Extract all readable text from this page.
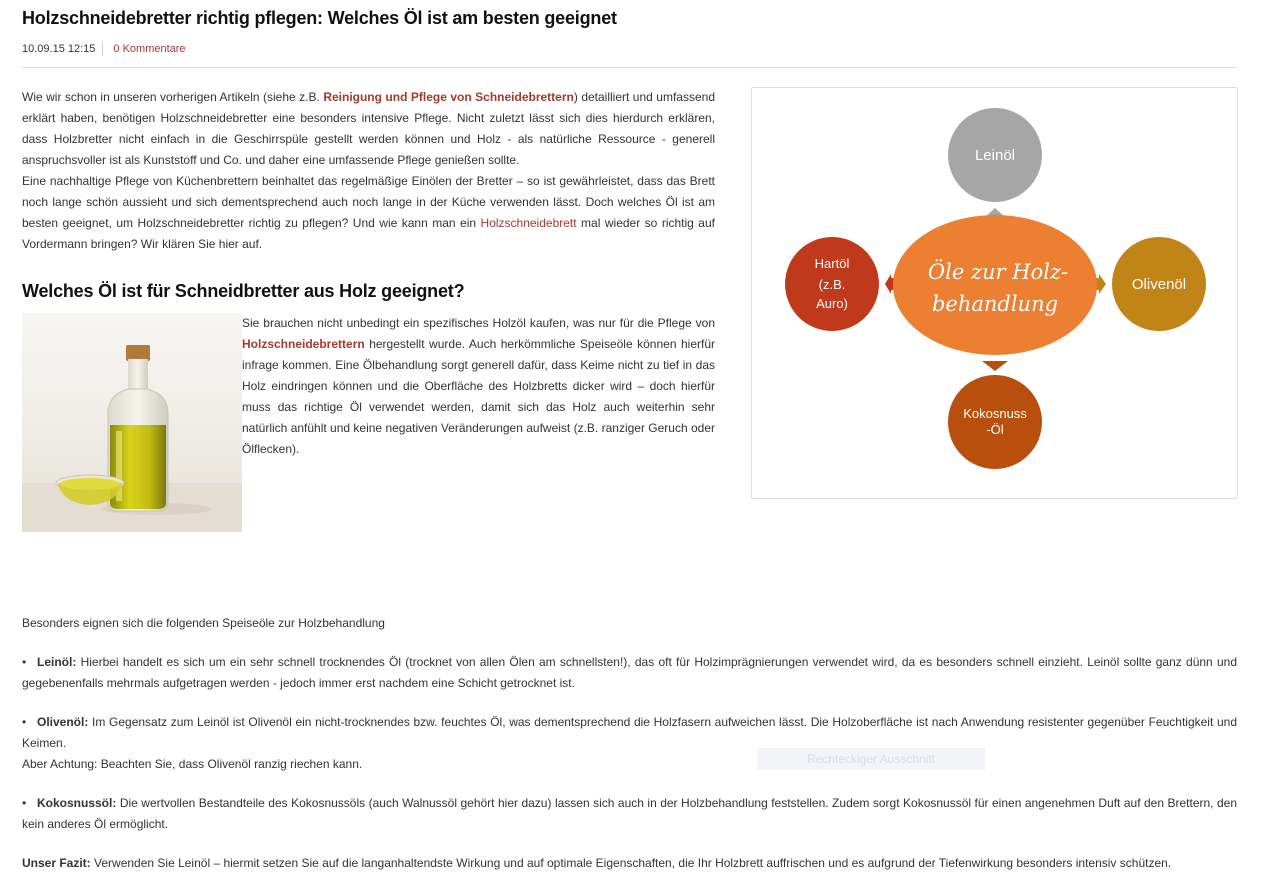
Holzschneidebretter richtig pflegen: Welches Öl ist am besten geeignet
10.09.15 12:15 0 Kommentare

Wie wir schon in unseren vorherigen Artikeln (siehe z.B. Reinigung und Pflege von Schneidebrettern) detailliert und umfassend erklärt haben, benötigen Holzschneidebretter eine besonders intensive Pflege. Nicht zuletzt lässt sich dies hierdurch erklären, dass Holzbretter nicht einfach in die Geschirrspüle gestellt werden können und Holz - als natürliche Ressource - generell anspruchsvoller ist als Kunststoff und Co. und daher eine umfassende Pflege genießen sollte.

Eine nachhaltige Pflege von Küchenbrettern beinhaltet das regelmäßige Einölen der Bretter – so ist gewährleistet, dass das Brett noch lange schön aussieht und sich dementsprechend auch noch lange in der Küche verwenden lässt. Doch welches Öl ist am besten geeignet, um Holzschneidebretter richtig zu pflegen? Und wie kann man ein Holzschneidebrett mal wieder so richtig auf Vordermann bringen? Wir klären Sie hier auf.

Welches Öl ist für Schneidbretter aus Holz geeignet?
Sie brauchen nicht unbedingt ein spezifisches Holzöl kaufen, was nur für die Pflege von Holzschneidebrettern hergestellt wurde. Auch herkömmliche Speiseöle können hierfür infrage kommen. Eine Ölbehandlung sorgt generell dafür, dass Keime nicht zu tief in das Holz eindringen können und die Oberfläche des Holzbretts dicker wird – doch hierfür muss das richtige Öl verwendet werden, damit sich das Holz auch weiterhin sehr natürlich anfühlt und keine negativen Veränderungen aufweist (z.B. ranziger Geruch oder Ölflecken).
Leinöl
Hartöl
(z.B.
Auro)
Olivenöl
Kokosnuss
-Öl
Öle zur Holz-
behandlung

Besonders eignen sich die folgenden Speiseöle zur Holzbehandlung

• Leinöl: Hierbei handelt es sich um ein sehr schnell trocknendes Öl (trocknet von allen Ölen am schnellsten!), das oft für Holzimprägnierungen verwendet wird, da es besonders schnell einzieht. Leinöl sollte ganz dünn und gegebenenfalls mehrmals aufgetragen werden - jedoch immer erst nachdem eine Schicht getrocknet ist.

• Olivenöl: Im Gegensatz zum Leinöl ist Olivenöl ein nicht-trocknendes bzw. feuchtes Öl, was dementsprechend die Holzfasern aufweichen lässt. Die Holzoberfläche ist nach Anwendung resistenter gegenüber Feuchtigkeit und Keimen.
Aber Achtung: Beachten Sie, dass Olivenöl ranzig riechen kann.

• Kokosnussöl: Die wertvollen Bestandteile des Kokosnussöls (auch Walnussöl gehört hier dazu) lassen sich auch in der Holzbehandlung feststellen. Zudem sorgt Kokosnussöl für einen angenehmen Duft auf den Brettern, den kein anderes Öl ermöglicht.

Unser Fazit: Verwenden Sie Leinöl – hiermit setzen Sie auf die langanhaltendste Wirkung und auf optimale Eigenschaften, die Ihr Holzbrett auffrischen und es aufgrund der Tiefenwirkung besonders intensiv schützen.

Rechteckiger Ausschnitt
